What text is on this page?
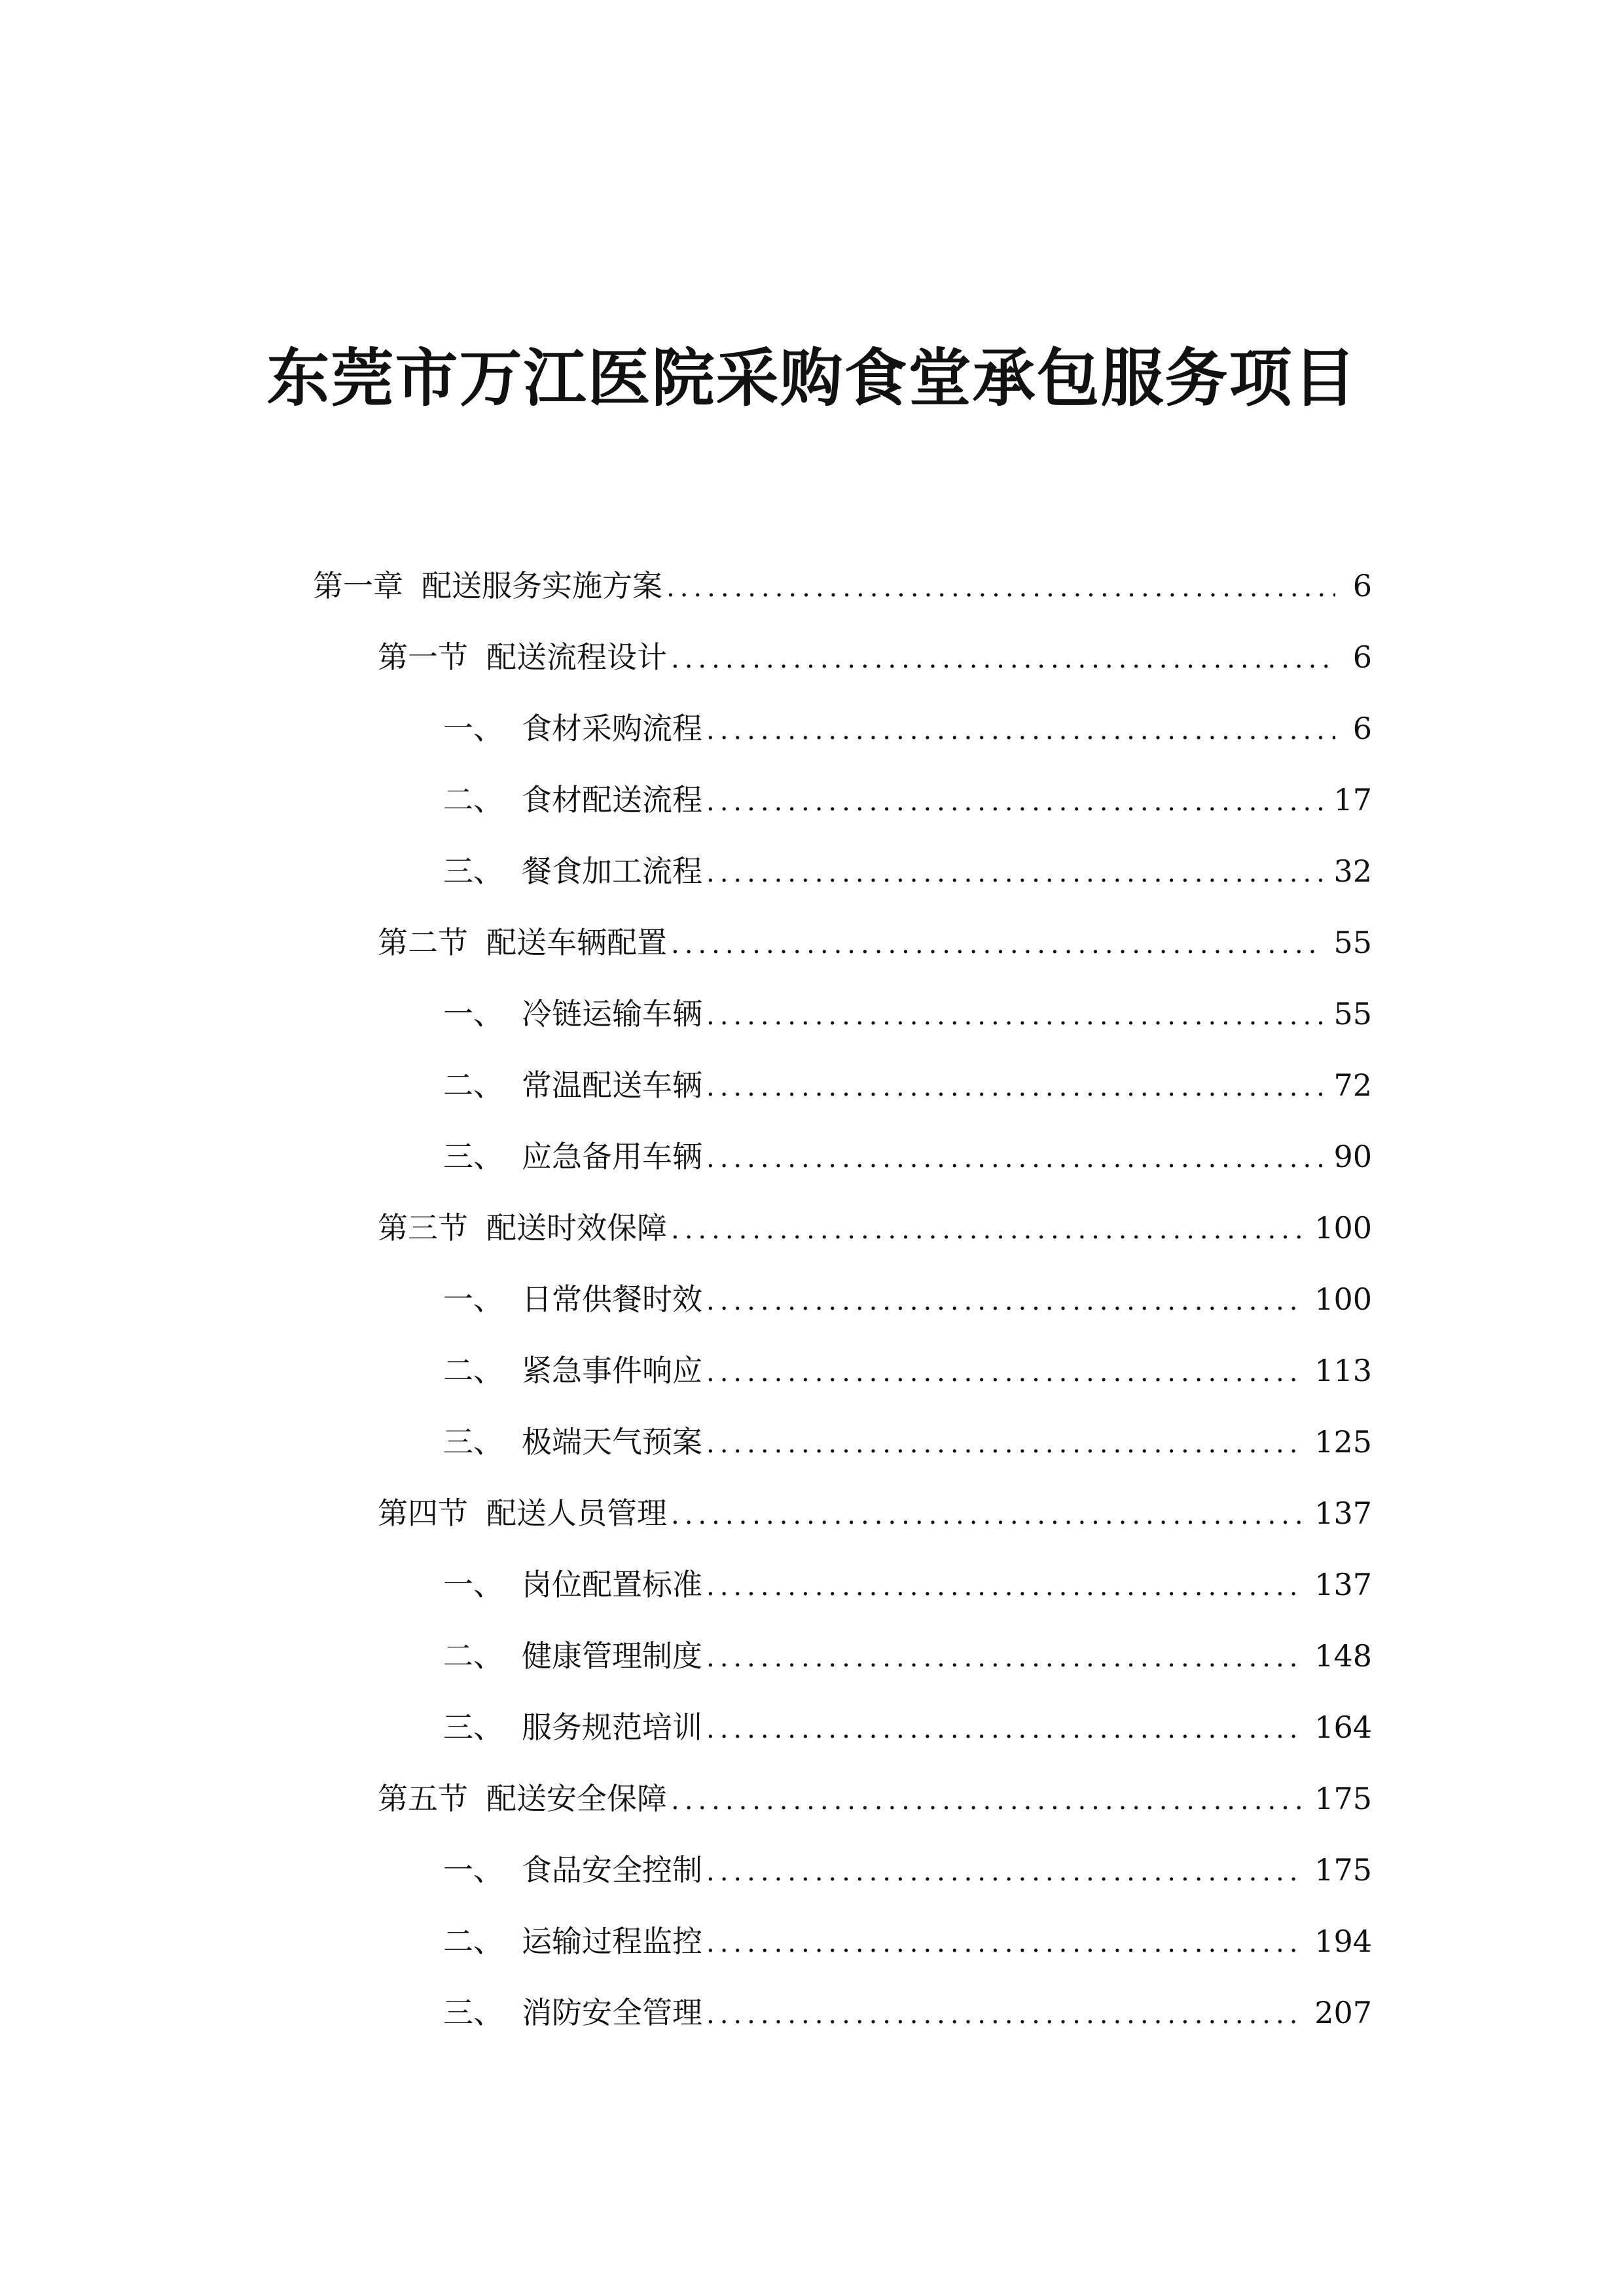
东莞市万江医院采购食堂承包服务项目
第一章 配送服务实施方案 .....	6
第一节 配送流程设计 .....	6
一、 食材采购流程 .....	6
二、 食材配送流程 .....	17
三、 餐食加工流程 .....	32
第二节 配送车辆配置 .....	55
一、 冷链运输车辆 .....	55
二、 常温配送车辆 .....	72
三、 应急备用车辆 .....	90
第三节 配送时效保障 .....	100
一、 日常供餐时效 .....	100
二、 紧急事件响应 .....	113
三、 极端天气预案 .....	125
第四节 配送人员管理 .....	137
一、 岗位配置标准 .....	137
二、 健康管理制度 .....	148
三、 服务规范培训 .....	164
第五节 配送安全保障 .....	175
一、 食品安全控制 .....	175
二、 运输过程监控 .....	194
三、 消防安全管理 .....	207
